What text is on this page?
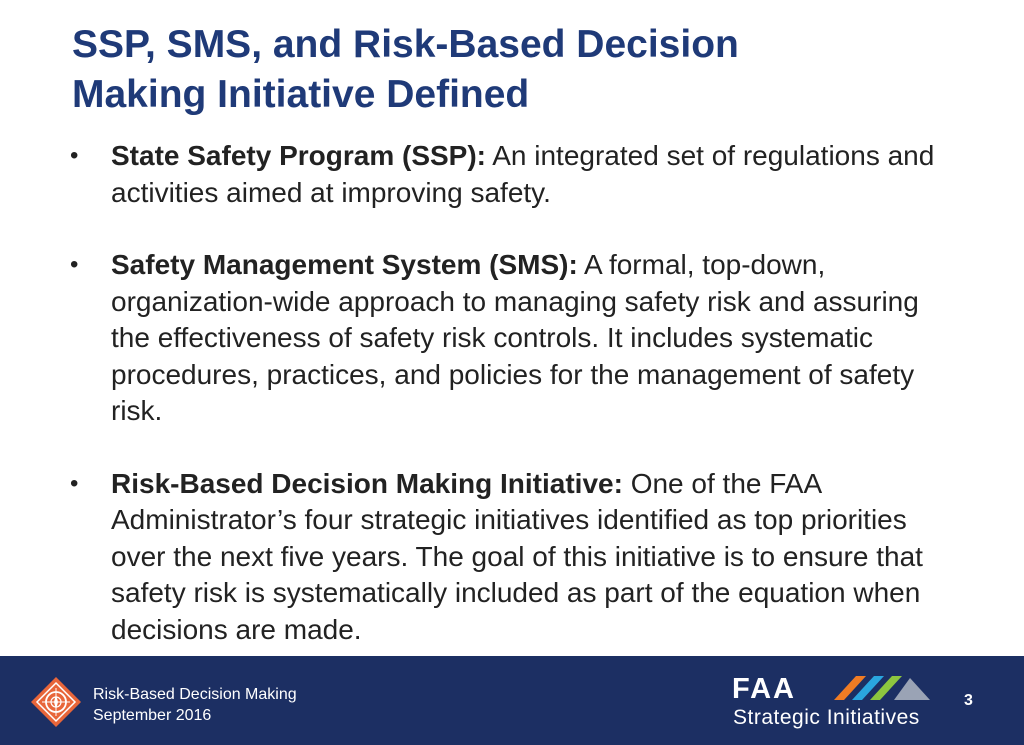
SSP, SMS, and Risk-Based Decision
Making Initiative Defined
• State Safety Program (SSP): An integrated set of regulations and activities aimed at improving safety.
• Safety Management System (SMS): A formal, top-down, organization-wide approach to managing safety risk and assuring the effectiveness of safety risk controls. It includes systematic procedures, practices, and policies for the management of safety risk.
• Risk-Based Decision Making Initiative: One of the FAA Administrator’s four strategic initiatives identified as top priorities over the next five years. The goal of this initiative is to ensure that safety risk is systematically included as part of the equation when decisions are made.
Risk-Based Decision Making
September 2016
FAA
Strategic Initiatives
3
